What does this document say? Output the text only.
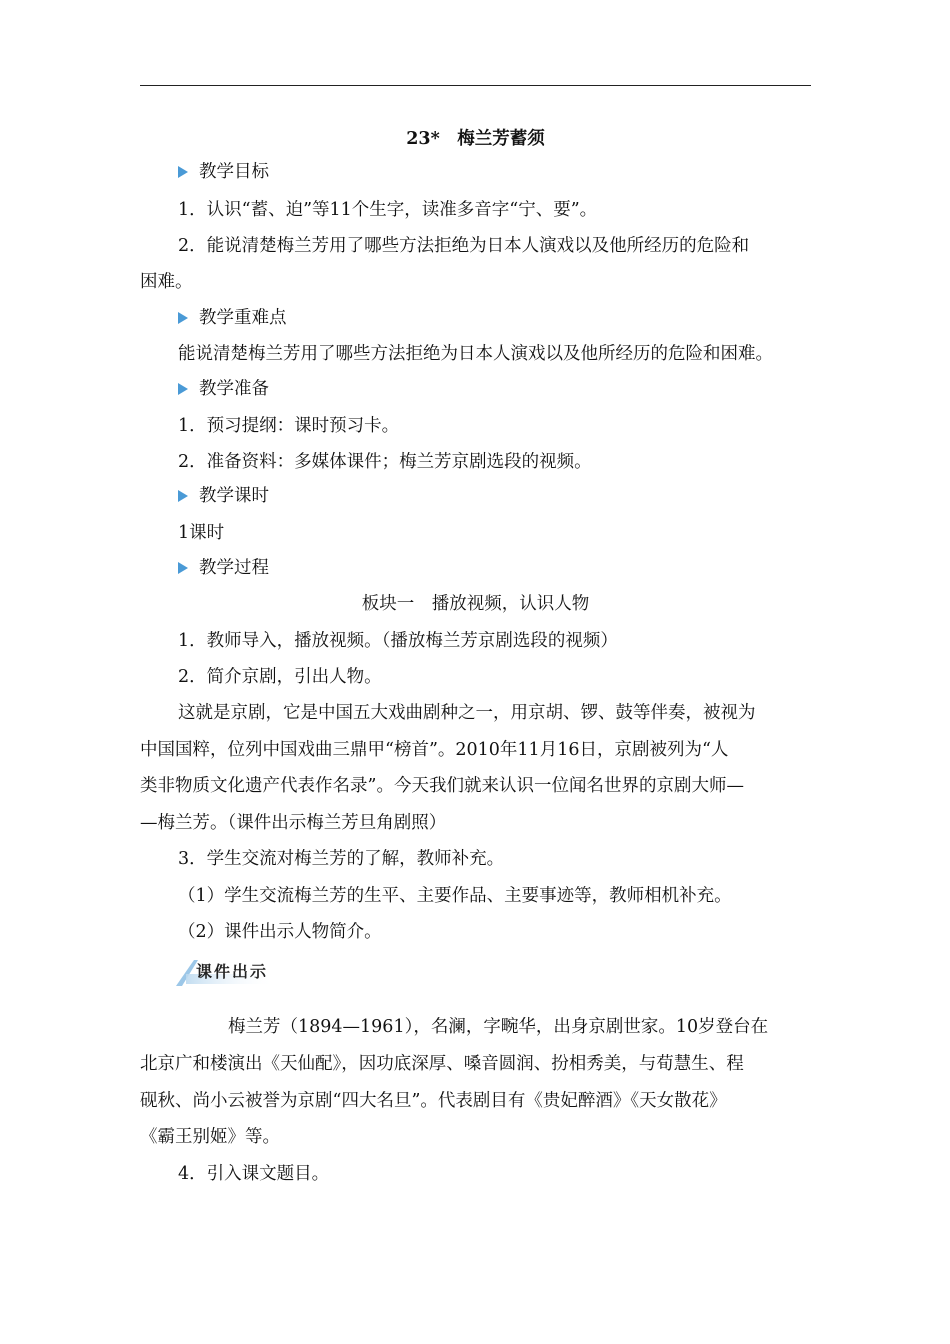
23*　梅兰芳蓄须
教学目标
1．认识“蓄、迫”等11个生字，读准多音字“宁、要”。
2．能说清楚梅兰芳用了哪些方法拒绝为日本人演戏以及他所经历的危险和
困难。
教学重难点
能说清楚梅兰芳用了哪些方法拒绝为日本人演戏以及他所经历的危险和困难。
教学准备
1．预习提纲：课时预习卡。
2．准备资料：多媒体课件；梅兰芳京剧选段的视频。
教学课时
1课时
教学过程
板块一　播放视频，认识人物
1．教师导入，播放视频。（播放梅兰芳京剧选段的视频）
2．简介京剧，引出人物。
这就是京剧，它是中国五大戏曲剧种之一，用京胡、锣、鼓等伴奏，被视为
中国国粹，位列中国戏曲三鼎甲“榜首”。2010年11月16日，京剧被列为“人
类非物质文化遗产代表作名录”。今天我们就来认识一位闻名世界的京剧大师—
—梅兰芳。（课件出示梅兰芳旦角剧照）
3．学生交流对梅兰芳的了解，教师补充。
（1）学生交流梅兰芳的生平、主要作品、主要事迹等，教师相机补充。
（2）课件出示人物简介。
课件出示
梅兰芳（1894—1961），名澜，字畹华，出身京剧世家。10岁登台在
北京广和楼演出《天仙配》，因功底深厚、嗓音圆润、扮相秀美，与荀慧生、程
砚秋、尚小云被誉为京剧“四大名旦”。代表剧目有《贵妃醉酒》《天女散花》
《霸王别姬》等。
4．引入课文题目。
